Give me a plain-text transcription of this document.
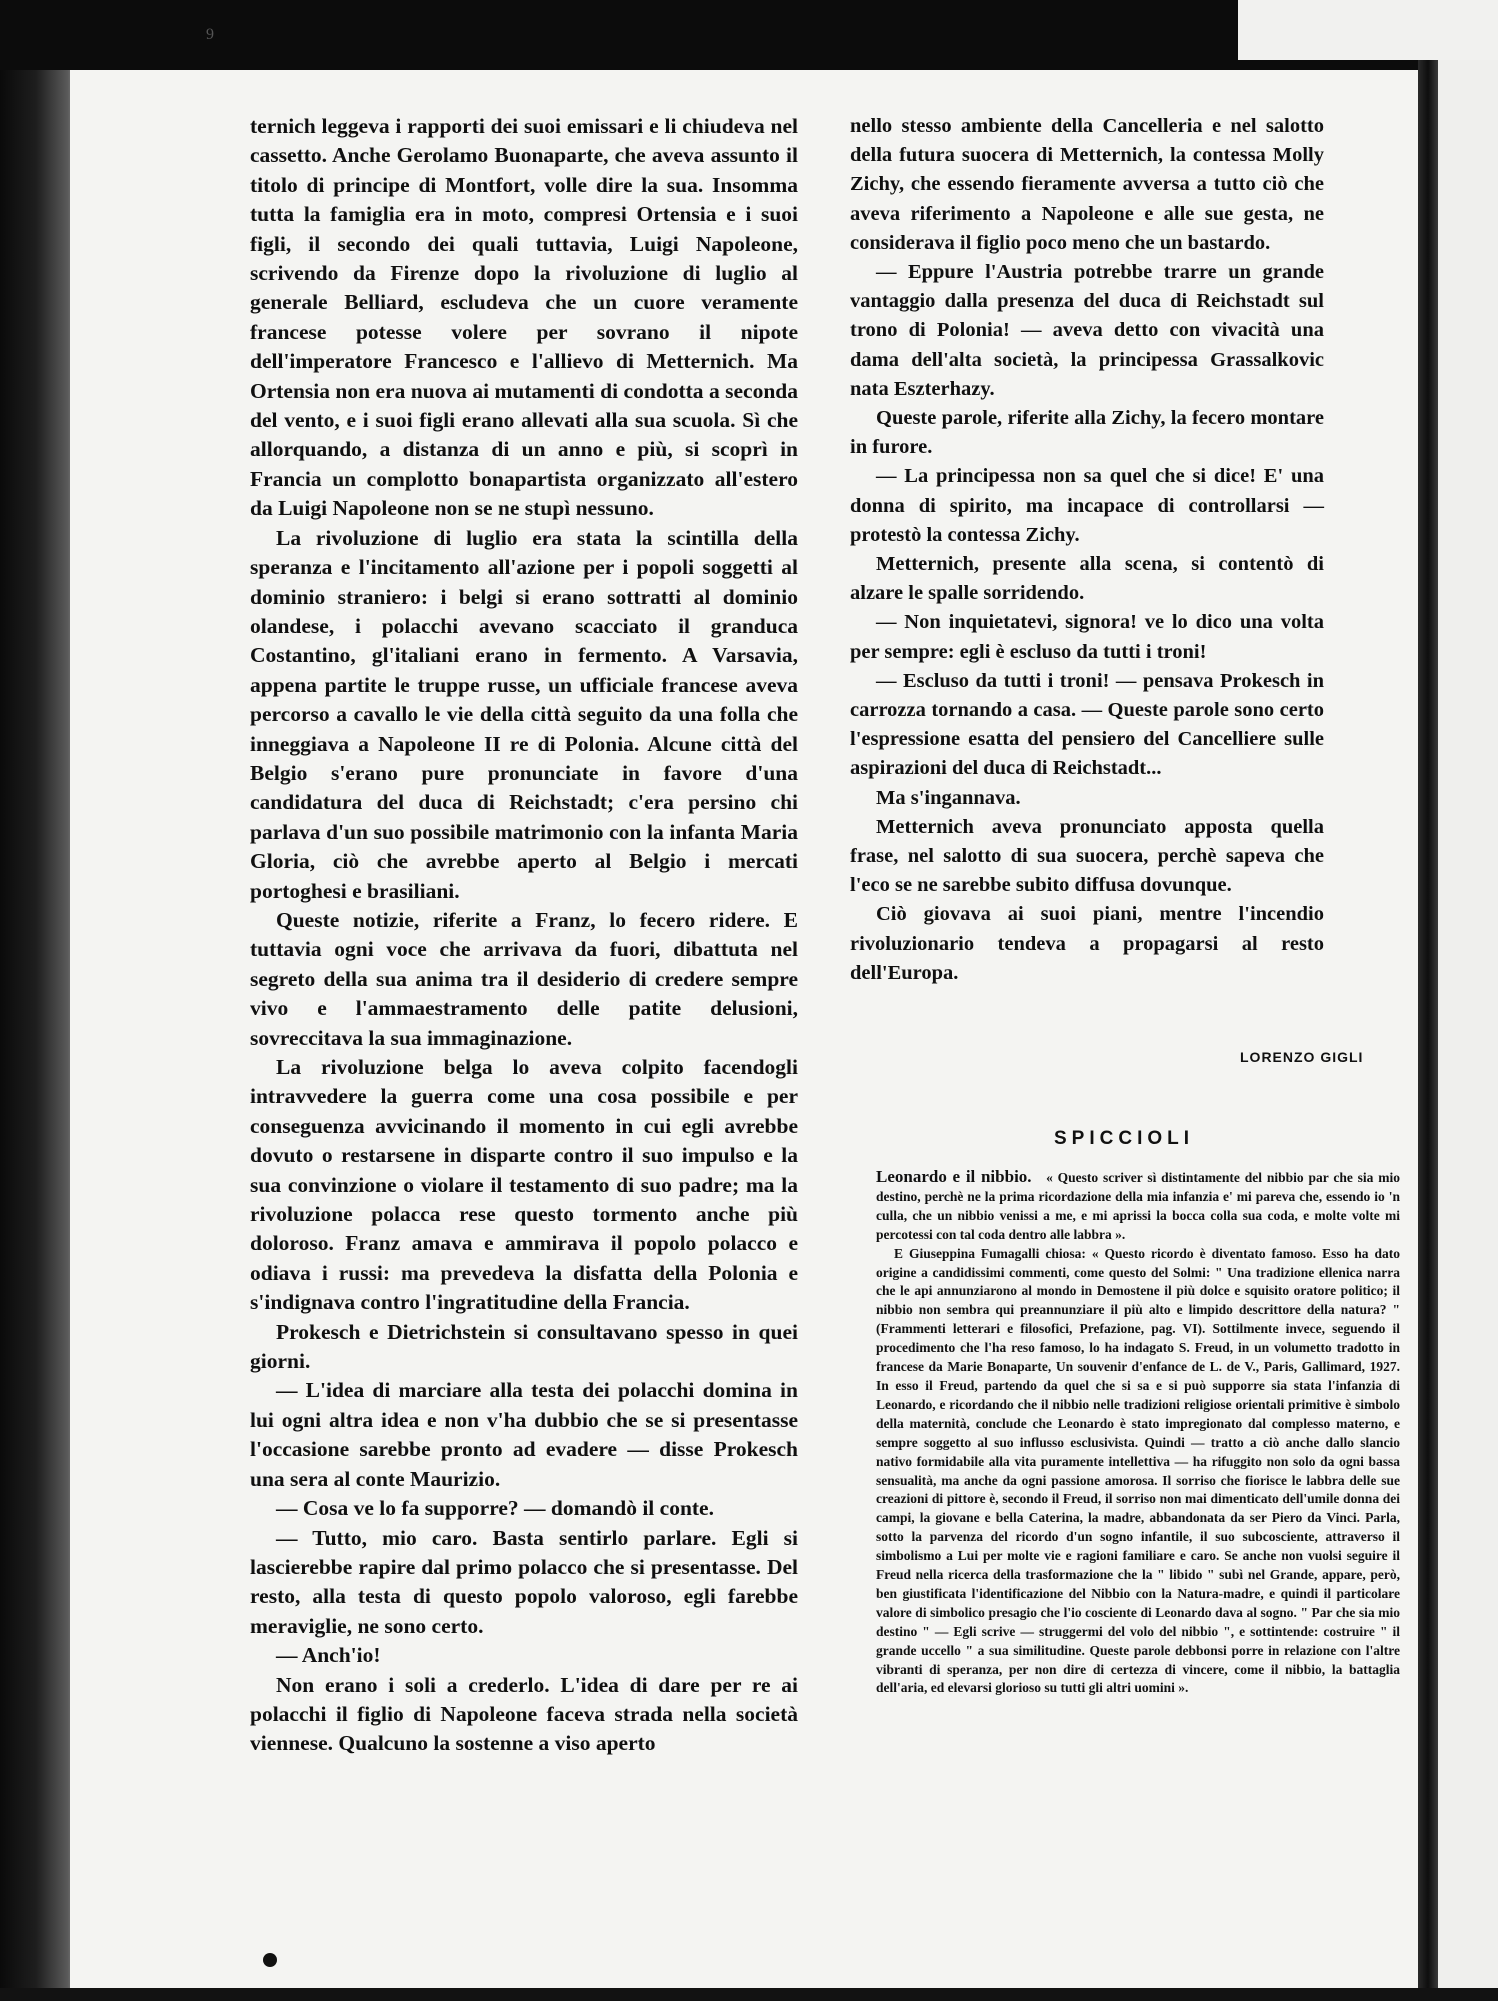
9

ternich leggeva i rapporti dei suoi emissari e li chiudeva nel cassetto. Anche Gerolamo Buonaparte, che aveva assunto il titolo di principe di Montfort, volle dire la sua. Insomma tutta la famiglia era in moto, compresi Ortensia e i suoi figli, il secondo dei quali tuttavia, Luigi Napoleone, scrivendo da Firenze dopo la rivoluzione di luglio al generale Belliard, escludeva che un cuore veramente francese potesse volere per sovrano il nipote dell'imperatore Francesco e l'allievo di Metternich. Ma Ortensia non era nuova ai mutamenti di condotta a seconda del vento, e i suoi figli erano allevati alla sua scuola. Sì che allorquando, a distanza di un anno e più, si scoprì in Francia un complotto bonapartista organizzato all'estero da Luigi Napoleone non se ne stupì nessuno.

La rivoluzione di luglio era stata la scintilla della speranza e l'incitamento all'azione per i popoli soggetti al dominio straniero: i belgi si erano sottratti al dominio olandese, i polacchi avevano scacciato il granduca Costantino, gl'italiani erano in fermento. A Varsavia, appena partite le truppe russe, un ufficiale francese aveva percorso a cavallo le vie della città seguito da una folla che inneggiava a Napoleone II re di Polonia. Alcune città del Belgio s'erano pure pronunciate in favore d'una candidatura del duca di Reichstadt; c'era persino chi parlava d'un suo possibile matrimonio con la infanta Maria Gloria, ciò che avrebbe aperto al Belgio i mercati portoghesi e brasiliani.

Queste notizie, riferite a Franz, lo fecero ridere. E tuttavia ogni voce che arrivava da fuori, dibattuta nel segreto della sua anima tra il desiderio di credere sempre vivo e l'ammaestramento delle patite delusioni, sovreccitava la sua immaginazione.

La rivoluzione belga lo aveva colpito facendogli intravvedere la guerra come una cosa possibile e per conseguenza avvicinando il momento in cui egli avrebbe dovuto o restarsene in disparte contro il suo impulso e la sua convinzione o violare il testamento di suo padre; ma la rivoluzione polacca rese questo tormento anche più doloroso. Franz amava e ammirava il popolo polacco e odiava i russi: ma prevedeva la disfatta della Polonia e s'indignava contro l'ingratitudine della Francia.

Prokesch e Dietrichstein si consultavano spesso in quei giorni.

— L'idea di marciare alla testa dei polacchi domina in lui ogni altra idea e non v'ha dubbio che se si presentasse l'occasione sarebbe pronto ad evadere — disse Prokesch una sera al conte Maurizio.

— Cosa ve lo fa supporre? — domandò il conte.

— Tutto, mio caro. Basta sentirlo parlare. Egli si lascierebbe rapire dal primo polacco che si presentasse. Del resto, alla testa di questo popolo valoroso, egli farebbe meraviglie, ne sono certo.

— Anch'io!

Non erano i soli a crederlo. L'idea di dare per re ai polacchi il figlio di Napoleone faceva strada nella società viennese. Qualcuno la sostenne a viso aperto

nello stesso ambiente della Cancelleria e nel salotto della futura suocera di Metternich, la contessa Molly Zichy, che essendo fieramente avversa a tutto ciò che aveva riferimento a Napoleone e alle sue gesta, ne considerava il figlio poco meno che un bastardo.

— Eppure l'Austria potrebbe trarre un grande vantaggio dalla presenza del duca di Reichstadt sul trono di Polonia! — aveva detto con vivacità una dama dell'alta società, la principessa Grassalkovic nata Eszterhazy.

Queste parole, riferite alla Zichy, la fecero montare in furore.

— La principessa non sa quel che si dice! E' una donna di spirito, ma incapace di controllarsi — protestò la contessa Zichy.

Metternich, presente alla scena, si contentò di alzare le spalle sorridendo.

— Non inquietatevi, signora! ve lo dico una volta per sempre: egli è escluso da tutti i troni!

— Escluso da tutti i troni! — pensava Prokesch in carrozza tornando a casa. — Queste parole sono certo l'espressione esatta del pensiero del Cancelliere sulle aspirazioni del duca di Reichstadt...

Ma s'ingannava.

Metternich aveva pronunciato apposta quella frase, nel salotto di sua suocera, perchè sapeva che l'eco se ne sarebbe subito diffusa dovunque.

Ciò giovava ai suoi piani, mentre l'incendio rivoluzionario tendeva a propagarsi al resto dell'Europa.

LORENZO GIGLI
SPICCIOLI

Leonardo e il nibbio. « Questo scriver sì distintamente del nibbio par che sia mio destino, perchè ne la prima ricordazione della mia infanzia e' mi pareva che, essendo io 'n culla, che un nibbio venissi a me, e mi aprissi la bocca colla sua coda, e molte volte mi percotessi con tal coda dentro alle labbra ».

E Giuseppina Fumagalli chiosa: « Questo ricordo è diventato famoso. Esso ha dato origine a candidissimi commenti, come questo del Solmi: " Una tradizione ellenica narra che le api annunziarono al mondo in Demostene il più dolce e squisito oratore politico; il nibbio non sembra qui preannunziare il più alto e limpido descrittore della natura? " (Frammenti letterari e filosofici, Prefazione, pag. VI). Sottilmente invece, seguendo il procedimento che l'ha reso famoso, lo ha indagato S. Freud, in un volumetto tradotto in francese da Marie Bonaparte, Un souvenir d'enfance de L. de V., Paris, Gallimard, 1927. In esso il Freud, partendo da quel che si sa e si può supporre sia stata l'infanzia di Leonardo, e ricordando che il nibbio nelle tradizioni religiose orientali primitive è simbolo della maternità, conclude che Leonardo è stato impregionato dal complesso materno, e sempre soggetto al suo influsso esclusivista. Quindi — tratto a ciò anche dallo slancio nativo formidabile alla vita puramente intellettiva — ha rifuggito non solo da ogni bassa sensualità, ma anche da ogni passione amorosa. Il sorriso che fiorisce le labbra delle sue creazioni di pittore è, secondo il Freud, il sorriso non mai dimenticato dell'umile donna dei campi, la giovane e bella Caterina, la madre, abbandonata da ser Piero da Vinci. Parla, sotto la parvenza del ricordo d'un sogno infantile, il suo subcosciente, attraverso il simbolismo a Lui per molte vie e ragioni familiare e caro. Se anche non vuolsi seguire il Freud nella ricerca della trasformazione che la " libido " subì nel Grande, appare, però, ben giustificata l'identificazione del Nibbio con la Natura-madre, e quindi il particolare valore di simbolico presagio che l'io cosciente di Leonardo dava al sogno. " Par che sia mio destino " — Egli scrive — struggermi del volo del nibbio ", e sottintende: costruire " il grande uccello " a sua similitudine. Queste parole debbonsi porre in relazione con l'altre vibranti di speranza, per non dire di certezza di vincere, come il nibbio, la battaglia dell'aria, ed elevarsi glorioso su tutti gli altri uomini ».
